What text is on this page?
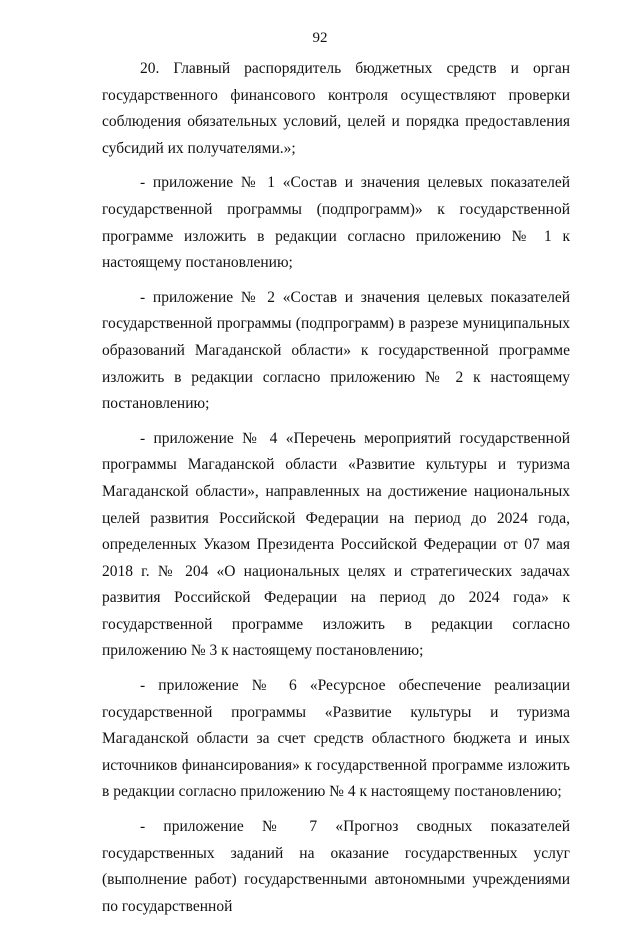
92

20. Главный распорядитель бюджетных средств и орган государственного финансового контроля осуществляют проверки соблюдения обязательных условий, целей и порядка предоставления субсидий их получателями.»;

- приложение № 1 «Состав и значения целевых показателей государственной программы (подпрограмм)» к государственной программе изложить в редакции согласно приложению № 1 к настоящему постановлению;

- приложение № 2 «Состав и значения целевых показателей государственной программы (подпрограмм) в разрезе муниципальных образований Магаданской области» к государственной программе изложить в редакции согласно приложению № 2 к настоящему постановлению;

- приложение № 4 «Перечень мероприятий государственной программы Магаданской области «Развитие культуры и туризма Магаданской области», направленных на достижение национальных целей развития Российской Федерации на период до 2024 года, определенных Указом Президента Российской Федерации от 07 мая 2018 г. № 204 «О национальных целях и стратегических задачах развития Российской Федерации на период до 2024 года» к государственной программе изложить в редакции согласно приложению № 3 к настоящему постановлению;

- приложение № 6 «Ресурсное обеспечение реализации государственной программы «Развитие культуры и туризма Магаданской области за счет средств областного бюджета и иных источников финансирования» к государственной программе изложить в редакции согласно приложению № 4 к настоящему постановлению;

- приложение № 7 «Прогноз сводных показателей государственных заданий на оказание государственных услуг (выполнение работ) государственными автономными учреждениями по государственной
